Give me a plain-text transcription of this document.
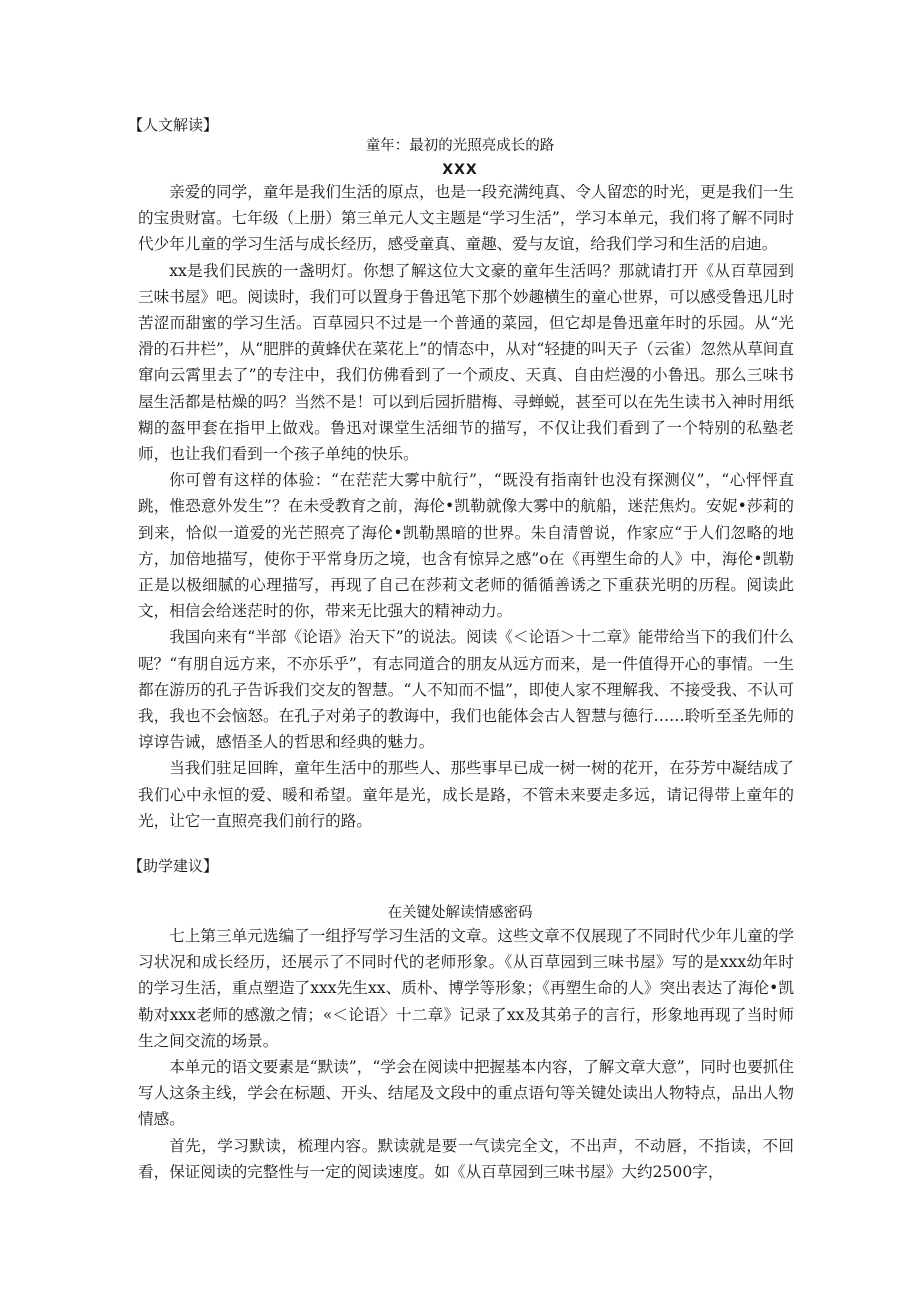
【人文解读】
童年：最初的光照亮成长的路
XXX

亲爱的同学，童年是我们生活的原点，也是一段充满纯真、令人留恋的时光，更是我们一生的宝贵财富。七年级（上册）第三单元人文主题是“学习生活”，学习本单元，我们将了解不同时代少年儿童的学习生活与成长经历，感受童真、童趣、爱与友谊，给我们学习和生活的启迪。

xx是我们民族的一盏明灯。你想了解这位大文豪的童年生活吗？那就请打开《从百草园到三味书屋》吧。阅读时，我们可以置身于鲁迅笔下那个妙趣横生的童心世界，可以感受鲁迅儿时苦涩而甜蜜的学习生活。百草园只不过是一个普通的菜园，但它却是鲁迅童年时的乐园。从“光滑的石井栏”，从“肥胖的黄蜂伏在菜花上”的情态中，从对“轻捷的叫天子（云雀）忽然从草间直窜向云霄里去了”的专注中，我们仿佛看到了一个顽皮、天真、自由烂漫的小鲁迅。那么三味书屋生活都是枯燥的吗？当然不是！可以到后园折腊梅、寻蝉蜕，甚至可以在先生读书入神时用纸糊的盔甲套在指甲上做戏。鲁迅对课堂生活细节的描写，不仅让我们看到了一个特别的私塾老师，也让我们看到一个孩子单纯的快乐。

你可曾有这样的体验：“在茫茫大雾中航行”，“既没有指南针也没有探测仪”，“心怦怦直跳，惟恐意外发生”？在未受教育之前，海伦•凯勒就像大雾中的航船，迷茫焦灼。安妮•莎莉的到来，恰似一道爱的光芒照亮了海伦•凯勒黑暗的世界。朱自清曾说，作家应“于人们忽略的地方，加倍地描写，使你于平常身历之境，也含有惊异之感”o在《再塑生命的人》中，海伦•凯勒正是以极细腻的心理描写，再现了自己在莎莉文老师的循循善诱之下重获光明的历程。阅读此文，相信会给迷茫时的你，带来无比强大的精神动力。

我国向来有“半部《论语》治天下”的说法。阅读《＜论语＞十二章》能带给当下的我们什么呢？“有朋自远方来，不亦乐乎”，有志同道合的朋友从远方而来，是一件值得开心的事情。一生都在游历的孔子告诉我们交友的智慧。“人不知而不愠”，即使人家不理解我、不接受我、不认可我，我也不会恼怒。在孔子对弟子的教诲中，我们也能体会古人智慧与德行……聆听至圣先师的谆谆告诫，感悟圣人的哲思和经典的魅力。

当我们驻足回眸，童年生活中的那些人、那些事早已成一树一树的花开，在芬芳中凝结成了我们心中永恒的爱、暖和希望。童年是光，成长是路，不管未来要走多远，请记得带上童年的光，让它一直照亮我们前行的路。

【助学建议】
在关键处解读情感密码

七上第三单元选编了一组抒写学习生活的文章。这些文章不仅展现了不同时代少年儿童的学习状况和成长经历，还展示了不同时代的老师形象。《从百草园到三味书屋》写的是xxx幼年时的学习生活，重点塑造了xxx先生xx、质朴、博学等形象；《再塑生命的人》突出表达了海伦•凯勒对xxx老师的感激之情；«＜论语〉十二章》记录了xx及其弟子的言行，形象地再现了当时师生之间交流的场景。

本单元的语文要素是“默读”，“学会在阅读中把握基本内容，了解文章大意”，同时也要抓住写人这条主线，学会在标题、开头、结尾及文段中的重点语句等关键处读出人物特点，品出人物情感。

首先，学习默读，梳理内容。默读就是要一气读完全文，不出声，不动唇，不指读，不回看，保证阅读的完整性与一定的阅读速度。如《从百草园到三味书屋》大约2500字，
